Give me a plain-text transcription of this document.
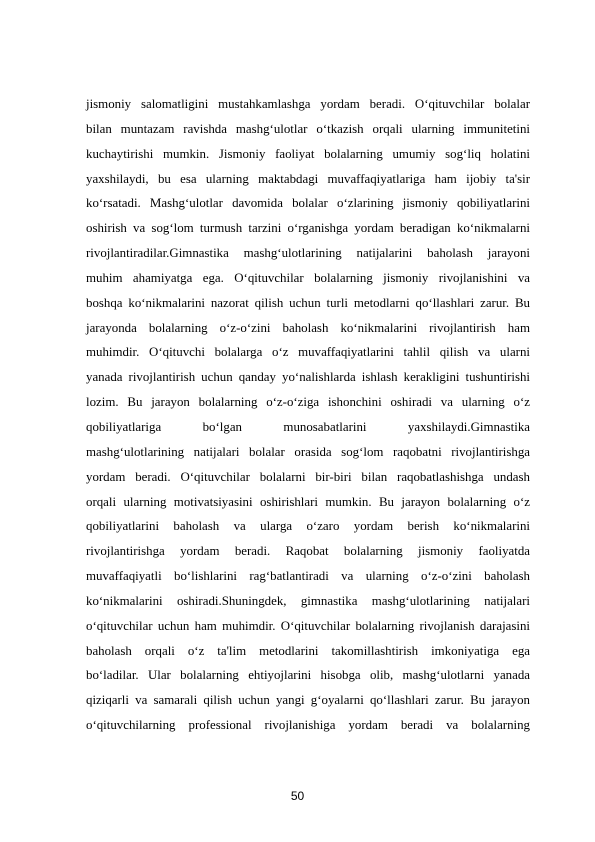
jismoniy salomatligini mustahkamlashga yordam beradi. O‘qituvchilar bolalar
bilan muntazam ravishda mashg‘ulotlar o‘tkazish orqali ularning immunitetini
kuchaytirishi mumkin. Jismoniy faoliyat bolalarning umumiy sog‘liq holatini
yaxshilaydi, bu esa ularning maktabdagi muvaffaqiyatlariga ham ijobiy ta'sir
ko‘rsatadi. Mashg‘ulotlar davomida bolalar o‘zlarining jismoniy qobiliyatlarini
oshirish va sog‘lom turmush tarzini o‘rganishga yordam beradigan ko‘nikmalarni
rivojlantiradilar.Gimnastika mashg‘ulotlarining natijalarini baholash jarayoni
muhim ahamiyatga ega. O‘qituvchilar bolalarning jismoniy rivojlanishini va
boshqa ko‘nikmalarini nazorat qilish uchun turli metodlarni qo‘llashlari zarur. Bu
jarayonda bolalarning o‘z-o‘zini baholash ko‘nikmalarini rivojlantirish ham
muhimdir. O‘qituvchi bolalarga o‘z muvaffaqiyatlarini tahlil qilish va ularni
yanada rivojlantirish uchun qanday yo‘nalishlarda ishlash kerakligini tushuntirishi
lozim. Bu jarayon bolalarning o‘z-o‘ziga ishonchini oshiradi va ularning o‘z
qobiliyatlariga bo‘lgan munosabatlarini yaxshilaydi.Gimnastika
mashg‘ulotlarining natijalari bolalar orasida sog‘lom raqobatni rivojlantirishga
yordam beradi. O‘qituvchilar bolalarni bir-biri bilan raqobatlashishga undash
orqali ularning motivatsiyasini oshirishlari mumkin. Bu jarayon bolalarning o‘z
qobiliyatlarini baholash va ularga o‘zaro yordam berish ko‘nikmalarini
rivojlantirishga yordam beradi. Raqobat bolalarning jismoniy faoliyatda
muvaffaqiyatli bo‘lishlarini rag‘batlantiradi va ularning o‘z-o‘zini baholash
ko‘nikmalarini oshiradi.Shuningdek, gimnastika mashg‘ulotlarining natijalari
o‘qituvchilar uchun ham muhimdir. O‘qituvchilar bolalarning rivojlanish darajasini
baholash orqali o‘z ta'lim metodlarini takomillashtirish imkoniyatiga ega
bo‘ladilar. Ular bolalarning ehtiyojlarini hisobga olib, mashg‘ulotlarni yanada
qiziqarli va samarali qilish uchun yangi g‘oyalarni qo‘llashlari zarur. Bu jarayon
o‘qituvchilarning professional rivojlanishiga yordam beradi va bolalarning
50
